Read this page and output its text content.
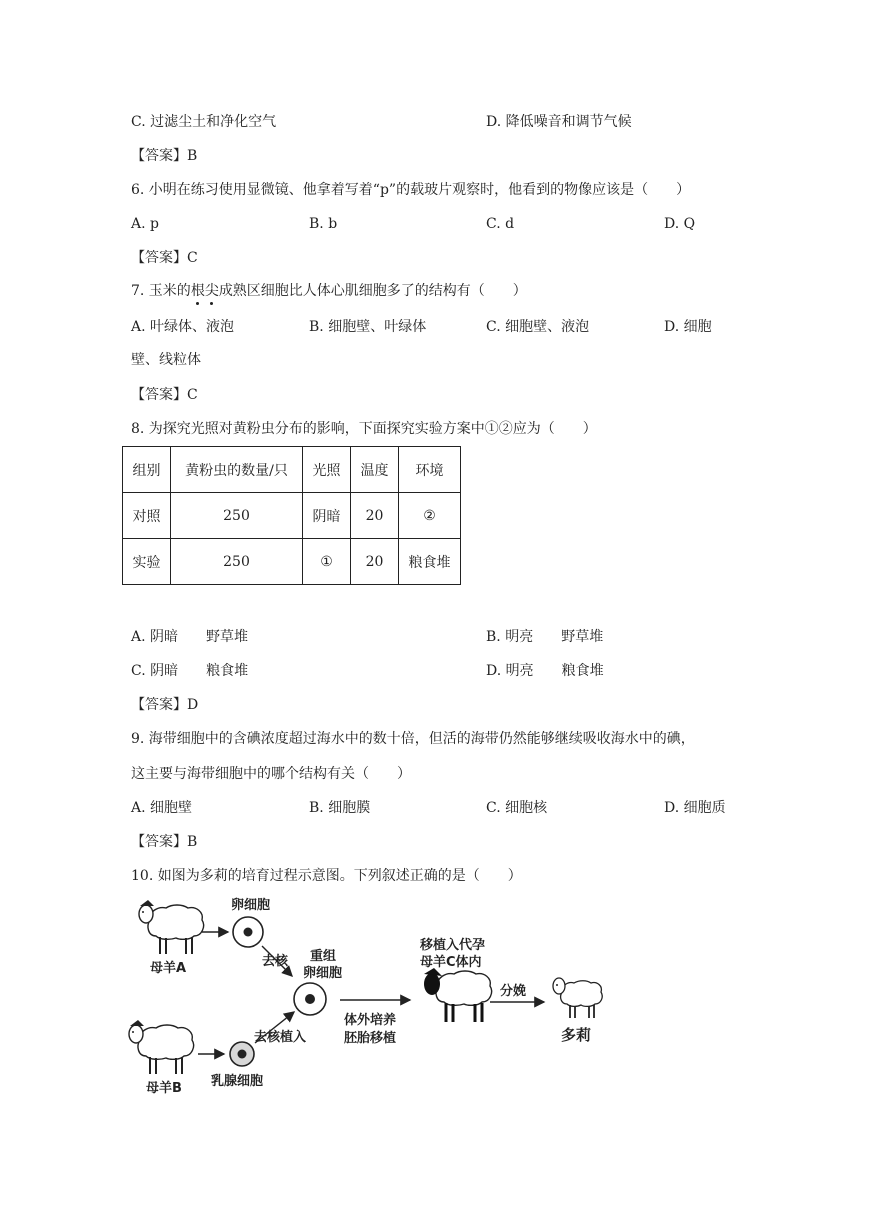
C. 过滤尘土和净化空气	D. 降低噪音和调节气候
【答案】B
6. 小明在练习使用显微镜、他拿着写着“p”的载玻片观察时，他看到的物像应该是（　　）
A. p	B. b	C. d	D. Q
【答案】C
7. 玉米的根
尖
成熟区细胞比人体心肌细胞多了的结构有（　　）
A. 叶绿体、液泡	B. 细胞壁、叶绿体	C. 细胞壁、液泡	D. 细胞
壁、线粒体
【答案】C
8. 为探究光照对黄粉虫分布的影响，下面探究实验方案中①②应为（　　）
组别	黄粉虫的数量/只	光照	温度	环境
对照	250	阴暗	20	②
实验	250	①	20	粮食堆
A. 阴暗　　野草堆	B. 明亮　　野草堆
C. 阴暗　　粮食堆	D. 明亮　　粮食堆
【答案】D
9. 海带细胞中的含碘浓度超过海水中的数十倍，但活的海带仍然能够继续吸收海水中的碘，
这主要与海带细胞中的哪个结构有关（　　）
A. 细胞壁	B. 细胞膜	C. 细胞核	D. 细胞质
【答案】B
10. 如图为多莉的培育过程示意图。下列叙述正确的是（　　）
母羊A
卵细胞
去核 重组
卵细胞
母羊B 乳腺细胞
去核植入
体外培养
胚胎移植
移植入代孕
母羊C体内
分娩
多莉
